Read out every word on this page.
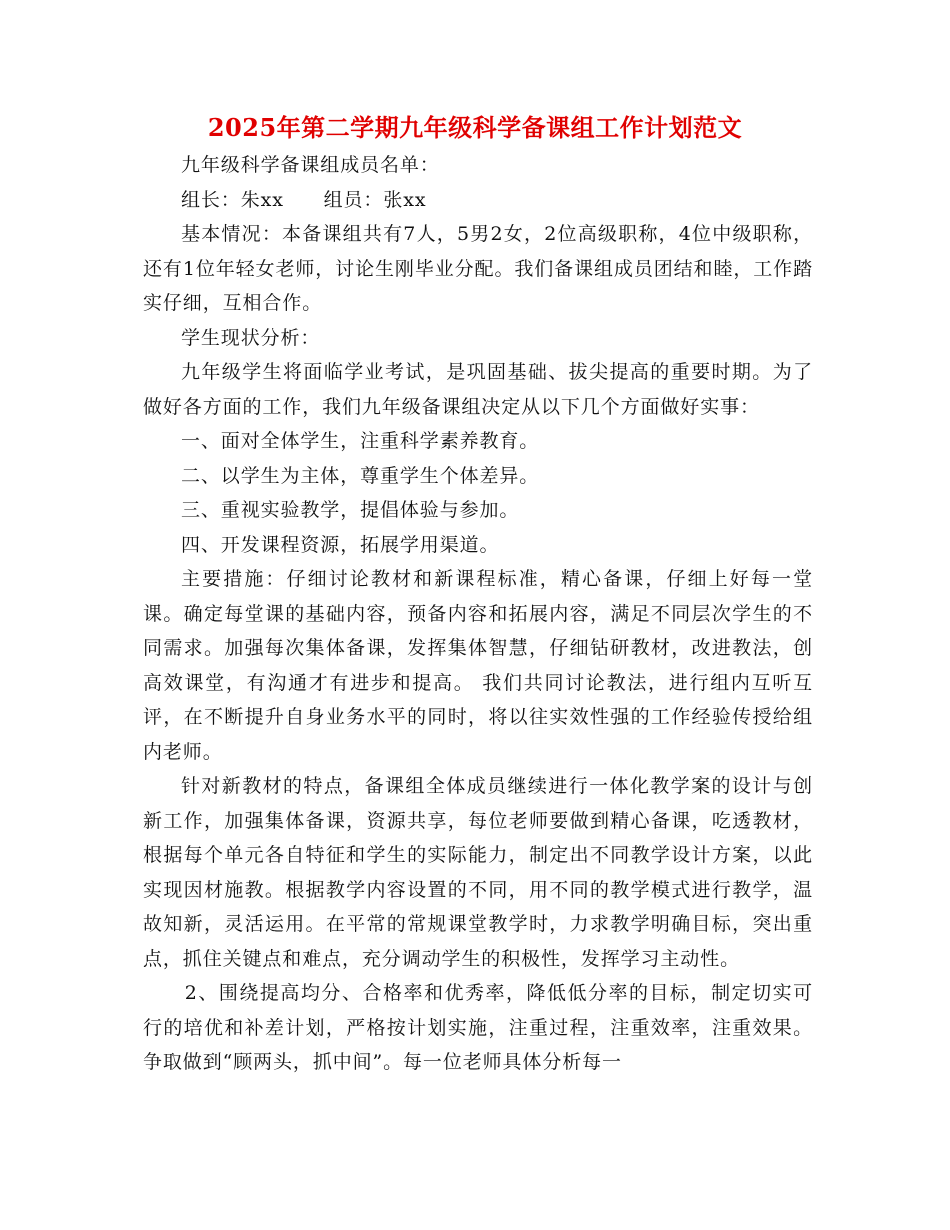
2025年第二学期九年级科学备课组工作计划范文

九年级科学备课组成员名单：

组长：朱xx　　组员：张xx

基本情况：本备课组共有7人，5男2女，2位高级职称，4位中级职称，还有1位年轻女老师，讨论生刚毕业分配。我们备课组成员团结和睦，工作踏实仔细，互相合作。

学生现状分析：

九年级学生将面临学业考试，是巩固基础、拔尖提高的重要时期。为了做好各方面的工作，我们九年级备课组决定从以下几个方面做好实事：

一、面对全体学生，注重科学素养教育。

二、以学生为主体，尊重学生个体差异。

三、重视实验教学，提倡体验与参加。

四、开发课程资源，拓展学用渠道。

主要措施：仔细讨论教材和新课程标准，精心备课，仔细上好每一堂课。确定每堂课的基础内容，预备内容和拓展内容，满足不同层次学生的不同需求。加强每次集体备课，发挥集体智慧，仔细钻研教材，改进教法，创高效课堂，有沟通才有进步和提高。 我们共同讨论教法，进行组内互听互评，在不断提升自身业务水平的同时，将以往实效性强的工作经验传授给组内老师。

针对新教材的特点，备课组全体成员继续进行一体化教学案的设计与创新工作，加强集体备课，资源共享，每位老师要做到精心备课，吃透教材，根据每个单元各自特征和学生的实际能力，制定出不同教学设计方案，以此实现因材施教。根据教学内容设置的不同，用不同的教学模式进行教学，温故知新，灵活运用。在平常的常规课堂教学时，力求教学明确目标，突出重点，抓住关键点和难点，充分调动学生的积极性，发挥学习主动性。

2、围绕提高均分、合格率和优秀率，降低低分率的目标，制定切实可行的培优和补差计划，严格按计划实施，注重过程，注重效率，注重效果。争取做到“顾两头，抓中间”。每一位老师具体分析每一
